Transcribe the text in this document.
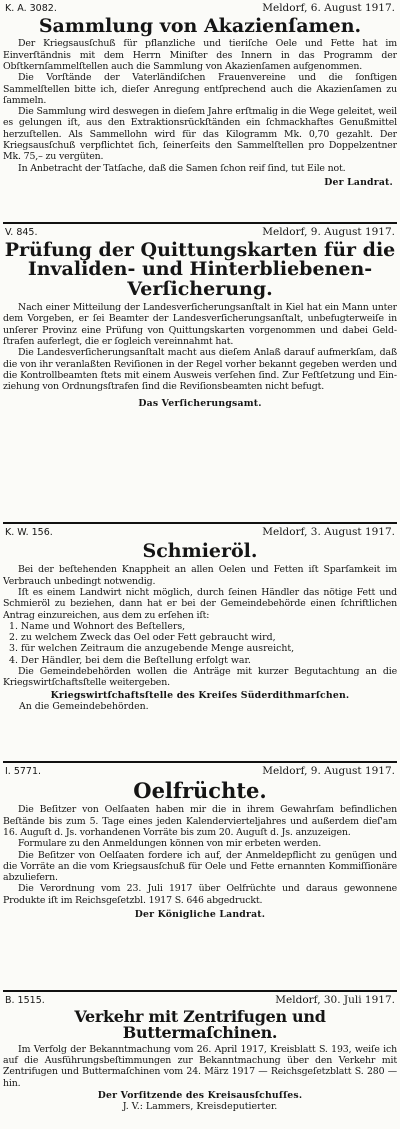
K. A. 3082.	Meldorf, 6. August 1917.
Sammlung von Akazienſamen.

Der Kriegsausſchuß für pflanzliche und tieriſche Oele und Fette hat im Einverſtändnis mit dem Herrn Miniſter des Innern in das Programm der Obſtkernſammelſtellen auch die Sammlung von Akazienſamen aufgenommen.

Die Vorſtände der Vaterländiſchen Frauenvereine und die ſonſtigen Sammelſtellen bitte ich, dieſer Anregung entſprechend auch die Akazienſamen zu ſammeln.

Die Sammlung wird deswegen in dieſem Jahre erſtmalig in die Wege geleitet, weil es gelungen iſt, aus den Extraktionsrückſtänden ein ſchmackhaftes Genußmittel herzuſtellen. Als Sammellohn wird für das Kilogramm Mk. 0,70 gezahlt. Der Kriegsausſchuß verpflichtet ſich, ſeinerſeits den Sammelſtellen pro Doppelzentner Mk. 75,– zu vergüten.

In Anbetracht der Tatſache, daß die Samen ſchon reif ſind, tut Eile not.

Der Landrat.
V. 845.	Meldorf, 9. August 1917.
Prüfung der Quittungskarten für die Invaliden- und Hinterbliebenen-Verſicherung.

Nach einer Mitteilung der Landesverſicherungsanſtalt in Kiel hat ein Mann unter dem Vorgeben, er ſei Beamter der Landesverſicherungsanſtalt, unbefugterweiſe in unſerer Provinz eine Prüfung von Quittungskarten vorgenommen und dabei Geldſtrafen auferlegt, die er ſogleich vereinnahmt hat.

Die Landesverſicherungsanſtalt macht aus dieſem Anlaß darauf aufmerkſam, daß die von ihr veranlaßten Reviſionen in der Regel vorher bekannt gegeben werden und die Kontrollbeamten ſtets mit einem Ausweis verſehen ſind. Zur Feſtſetzung und Einziehung von Ordnungsſtrafen ſind die Reviſionsbeamten nicht befugt.

Das Verſicherungsamt.
K. W. 156.	Meldorf, 3. August 1917.
Schmieröl.

Bei der beſtehenden Knappheit an allen Oelen und Fetten iſt Sparſamkeit im Verbrauch unbedingt notwendig.

Iſt es einem Landwirt nicht möglich, durch ſeinen Händler das nötige Fett und Schmieröl zu beziehen, dann hat er bei der Gemeindebehörde einen ſchriftlichen Antrag einzureichen, aus dem zu erſehen iſt:

1. Name und Wohnort des Beſtellers,
2. zu welchem Zweck das Oel oder Fett gebraucht wird,
3. für welchen Zeitraum die anzugebende Menge ausreicht,
4. Der Händler, bei dem die Beſtellung erfolgt war.

Die Gemeindebehörden wollen die Anträge mit kurzer Begutachtung an die Kriegswirtſchaftsſtelle weitergeben.

Kriegswirtſchaftsſtelle des Kreiſes Süderdithmarſchen.
An die Gemeindebehörden.
I. 5771.	Meldorf, 9. August 1917.
Oelfrüchte.

Die Beſitzer von Oelſaaten haben mir die in ihrem Gewahrſam befindlichen Beſtände bis zum 5. Tage eines jeden Kalendervierteljahres und außerdem dieſ'am 16. Auguſt d. Js. vorhandenen Vorräte bis zum 20. Auguſt d. Js. anzuzeigen.

Formulare zu den Anmeldungen können von mir erbeten werden.

Die Beſitzer von Oelſaaten fordere ich auf, der Anmeldepflicht zu genügen und die Vorräte an die vom Kriegsausſchuß für Oele und Fette ernannten Kommiſſionäre abzuliefern.

Die Verordnung vom 23. Juli 1917 über Oelfrüchte und daraus gewonnene Produkte iſt im Reichsgeſetzbl. 1917 S. 646 abgedruckt.

Der Königliche Landrat.
B. 1515.	Meldorf, 30. Juli 1917.
Verkehr mit Zentrifugen und Buttermaſchinen.

Im Verfolg der Bekanntmachung vom 26. April 1917, Kreisblatt S. 193, weiſe ich auf die Ausführungsbeſtimmungen zur Bekanntmachung über den Verkehr mit Zentrifugen und Buttermaſchinen vom 24. März 1917 — Reichsgeſetzblatt S. 280 — hin.

Der Vorſitzende des Kreisausſchuſſes.
J. V.: Lammers, Kreisdeputierter.
